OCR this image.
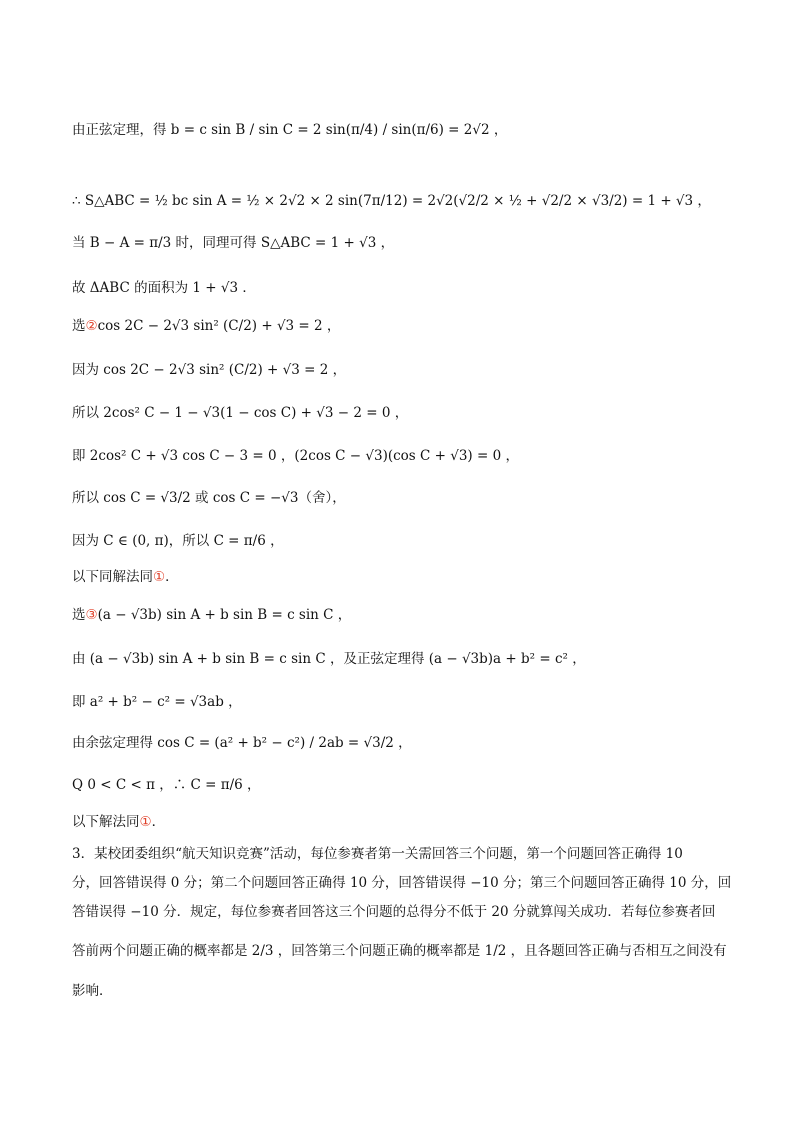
由正弦定理，得 b = c sin B / sin C = 2 sin(π/4) / sin(π/6) = 2√2 ，
∴ S△ABC = ½ bc sin A = ½ × 2√2 × 2 sin(7π/12) = 2√2(√2/2 × ½ + √2/2 × √3/2) = 1 + √3 ，
当 B − A = π/3 时，同理可得 S△ABC = 1 + √3 ，
故 ΔABC 的面积为 1 + √3 ．
选 ② cos 2C − 2√3 sin² (C/2) + √3 = 2 ，
因为 cos 2C − 2√3 sin² (C/2) + √3 = 2 ，
所以 2cos² C − 1 − √3(1 − cos C) + √3 − 2 = 0 ，
即 2cos² C + √3 cos C − 3 = 0 ，(2cos C − √3)(cos C + √3) = 0 ，
所以 cos C = √3/2 或 cos C = −√3（舍），
因为 C ∈ (0, π)，所以 C = π/6 ，
以下同解法同 ① ．
选 ③ (a − √3b) sin A + b sin B = c sin C ，
由 (a − √3b) sin A + b sin B = c sin C ，及正弦定理得 (a − √3b)a + b² = c² ，
即 a² + b² − c² = √3ab ，
由余弦定理得 cos C = (a² + b² − c²) / 2ab = √3/2 ，
Q 0 < C < π ，∴ C = π/6 ，
以下解法同 ① ．
3．某校团委组织“航天知识竞赛”活动，每位参赛者第一关需回答三个问题，第一个问题回答正确得 10
分，回答错误得 0 分；第二个问题回答正确得 10 分，回答错误得 −10 分；第三个问题回答正确得 10 分，回
答错误得 −10 分．规定，每位参赛者回答这三个问题的总得分不低于 20 分就算闯关成功．若每位参赛者回
答前两个问题正确的概率都是 2/3 ，回答第三个问题正确的概率都是 1/2 ，且各题回答正确与否相互之间没有
影响．
